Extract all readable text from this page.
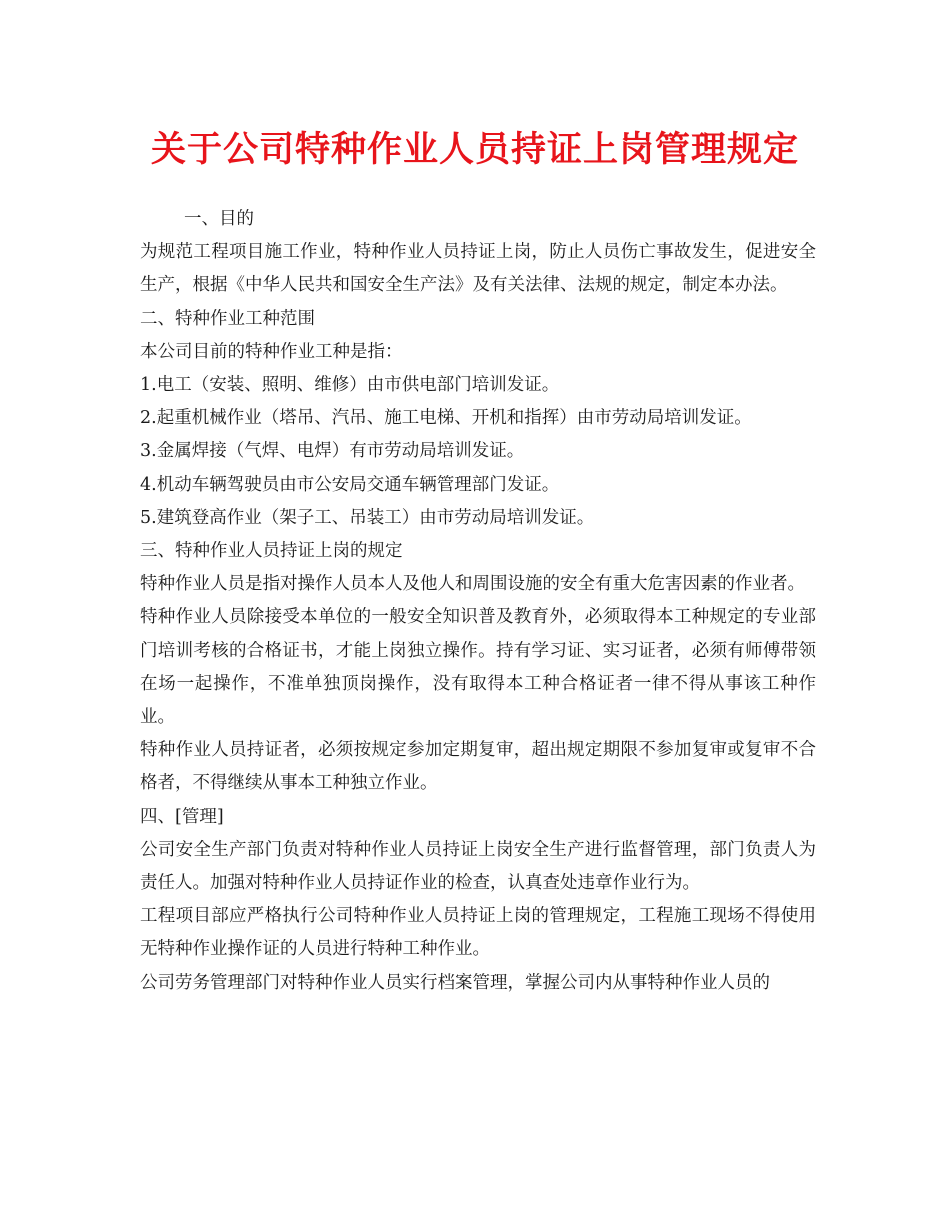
关于公司特种作业人员持证上岗管理规定

一、目的

为规范工程项目施工作业，特种作业人员持证上岗，防止人员伤亡事故发生，促进安全生产，根据《中华人民共和国安全生产法》及有关法律、法规的规定，制定本办法。

二、特种作业工种范围

本公司目前的特种作业工种是指：

1.电工（安装、照明、维修）由市供电部门培训发证。

2.起重机械作业（塔吊、汽吊、施工电梯、开机和指挥）由市劳动局培训发证。

3.金属焊接（气焊、电焊）有市劳动局培训发证。

4.机动车辆驾驶员由市公安局交通车辆管理部门发证。

5.建筑登高作业（架子工、吊装工）由市劳动局培训发证。

三、特种作业人员持证上岗的规定

特种作业人员是指对操作人员本人及他人和周围设施的安全有重大危害因素的作业者。

特种作业人员除接受本单位的一般安全知识普及教育外，必须取得本工种规定的专业部门培训考核的合格证书，才能上岗独立操作。持有学习证、实习证者，必须有师傅带领在场一起操作，不准单独顶岗操作，没有取得本工种合格证者一律不得从事该工种作业。

特种作业人员持证者，必须按规定参加定期复审，超出规定期限不参加复审或复审不合格者，不得继续从事本工种独立作业。

四、[管理]

公司安全生产部门负责对特种作业人员持证上岗安全生产进行监督管理，部门负责人为责任人。加强对特种作业人员持证作业的检查，认真查处违章作业行为。

工程项目部应严格执行公司特种作业人员持证上岗的管理规定，工程施工现场不得使用无特种作业操作证的人员进行特种工种作业。

公司劳务管理部门对特种作业人员实行档案管理，掌握公司内从事特种作业人员的
